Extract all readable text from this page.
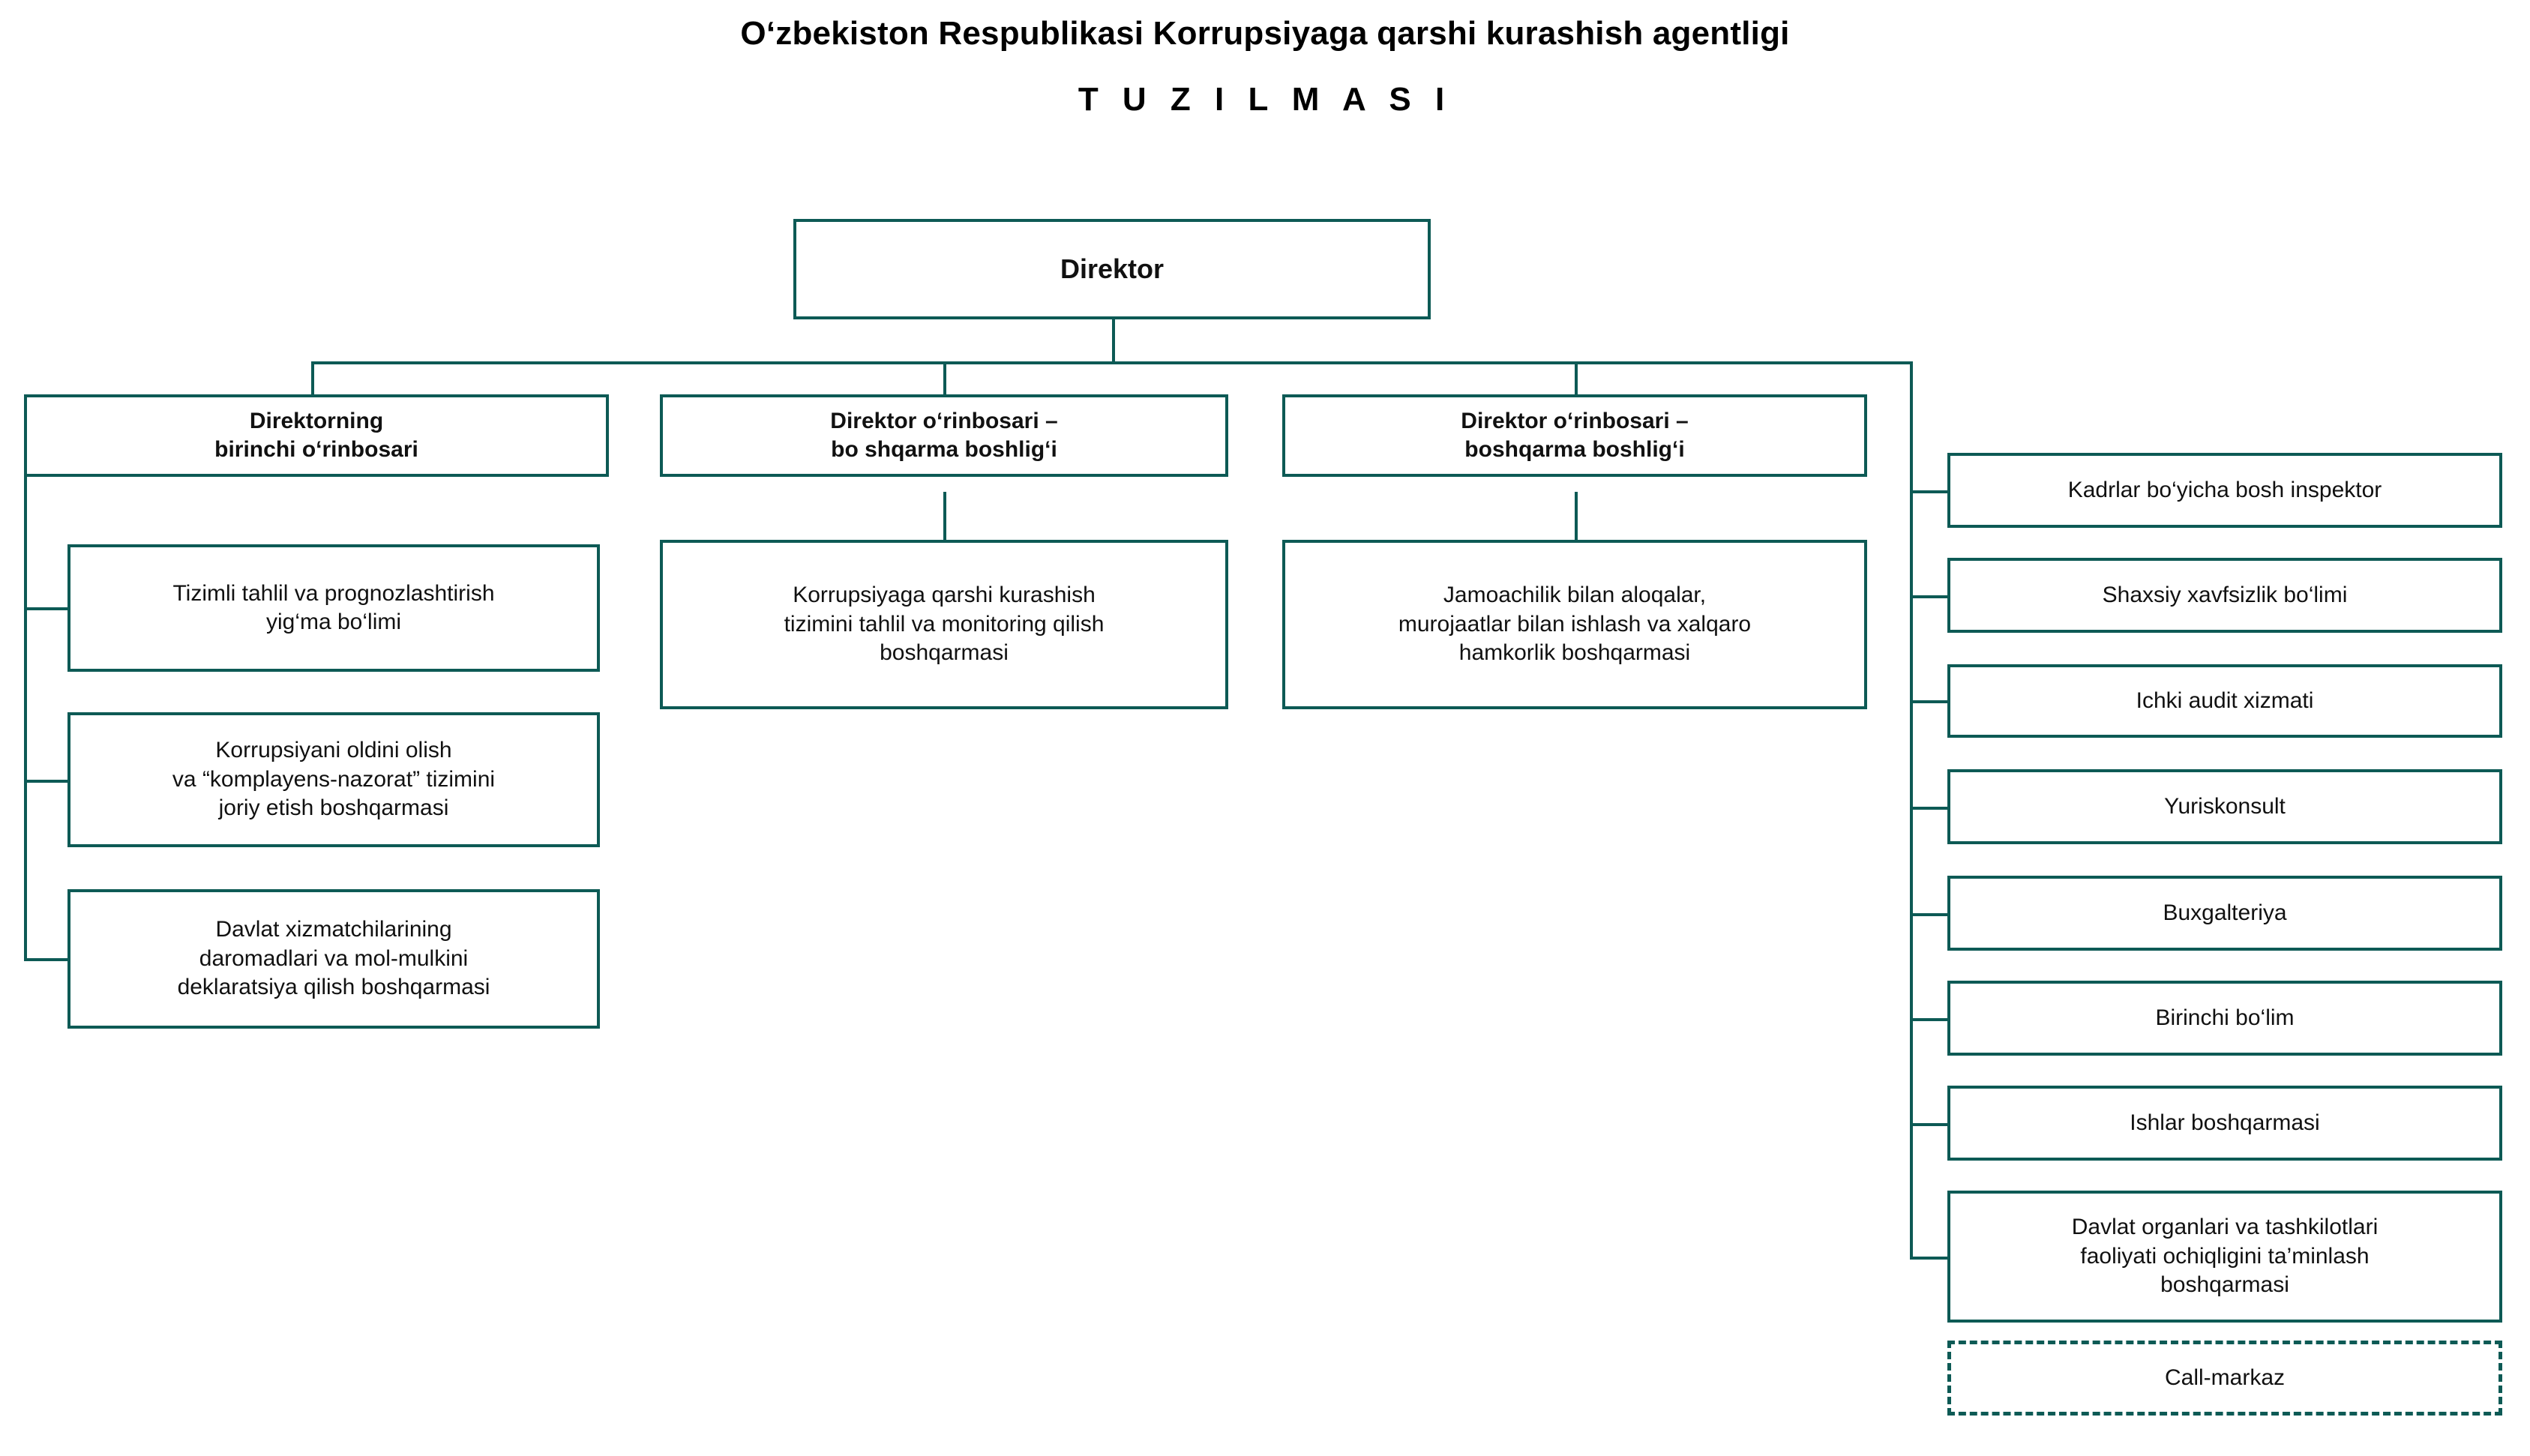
O‘zbekiston Respublikasi Korrupsiyaga qarshi kurashish agentligi
T U Z I L M A S I
Direktor
Direktorning
birinchi o‘rinbosari
Direktor o‘rinbosari –
bo shqarma boshlig‘i
Direktor o‘rinbosari –
boshqarma boshlig‘i
Tizimli tahlil va prognozlashtirish
yig‘ma bo‘limi
Korrupsiyani oldini olish
va “komplayens-nazorat” tizimini
joriy etish boshqarmasi
Davlat xizmatchilarining
daromadlari va mol-mulkini
deklaratsiya qilish boshqarmasi
Korrupsiyaga qarshi kurashish
tizimini tahlil va monitoring qilish
boshqarmasi
Jamoachilik bilan aloqalar,
murojaatlar bilan ishlash va xalqaro
hamkorlik boshqarmasi
Kadrlar bo‘yicha bosh inspektor
Shaxsiy xavfsizlik bo‘limi
Ichki audit xizmati
Yuriskonsult
Buxgalteriya
Birinchi bo‘lim
Ishlar boshqarmasi
Davlat organlari va tashkilotlari
faoliyati ochiqligini ta’minlash
boshqarmasi
Call-markaz
